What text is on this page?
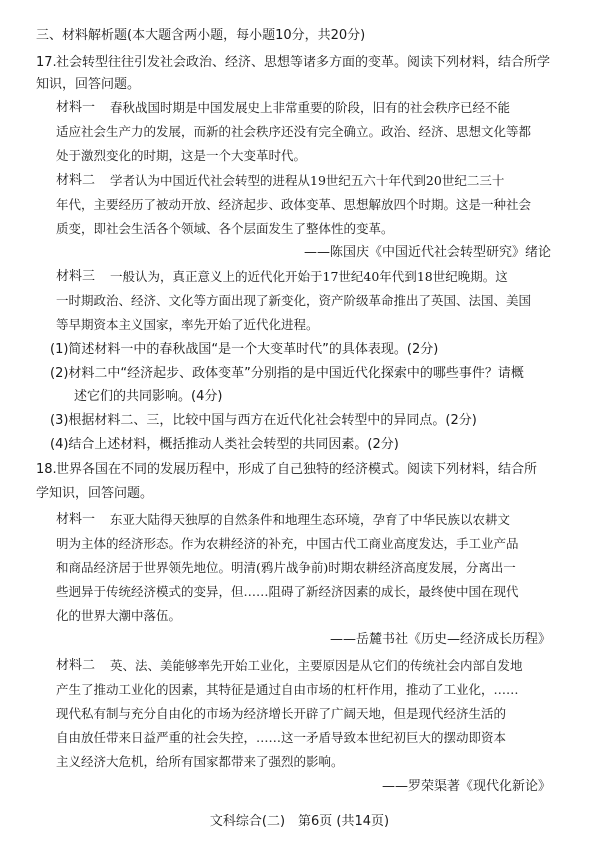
三、材料解析题(本大题含两小题，每小题10分，共20分)
17. 社会转型往往引发社会政治、经济、思想等诸多方面的变革。阅读下列材料，结合所学
知识，回答问题。
材料一 春秋战国时期是中国发展史上非常重要的阶段，旧有的社会秩序已经不能
适应社会生产力的发展，而新的社会秩序还没有完全确立。政治、经济、思想文化等都
处于激烈变化的时期，这是一个大变革时代。
材料二 学者认为中国近代社会转型的进程从19世纪五六十年代到20世纪二三十
年代，主要经历了被动开放、经济起步、政体变革、思想解放四个时期。这是一种社会
质变，即社会生活各个领域、各个层面发生了整体性的变革。
——陈国庆《中国近代社会转型研究》绪论
材料三 一般认为，真正意义上的近代化开始于17世纪40年代到18世纪晚期。这
一时期政治、经济、文化等方面出现了新变化，资产阶级革命推出了英国、法国、美国
等早期资本主义国家，率先开始了近代化进程。
(1)简述材料一中的春秋战国“是一个大变革时代”的具体表现。(2分)
(2)材料二中“经济起步、政体变革”分别指的是中国近代化探索中的哪些事件？请概
述它们的共同影响。(4分)
(3)根据材料二、三，比较中国与西方在近代化社会转型中的异同点。(2分)
(4)结合上述材料，概括推动人类社会转型的共同因素。(2分)
18. 世界各国在不同的发展历程中，形成了自己独特的经济模式。阅读下列材料，结合所
学知识，回答问题。
材料一 东亚大陆得天独厚的自然条件和地理生态环境，孕育了中华民族以农耕文
明为主体的经济形态。作为农耕经济的补充，中国古代工商业高度发达，手工业产品
和商品经济居于世界领先地位。明清(鸦片战争前)时期农耕经济高度发展，分离出一
些迥异于传统经济模式的变异，但……阻碍了新经济因素的成长，最终使中国在现代
化的世界大潮中落伍。
——岳麓书社《历史—经济成长历程》
材料二 英、法、美能够率先开始工业化，主要原因是从它们的传统社会内部自发地
产生了推动工业化的因素，其特征是通过自由市场的杠杆作用，推动了工业化，……
现代私有制与充分自由化的市场为经济增长开辟了广阔天地，但是现代经济生活的
自由放任带来日益严重的社会失控，……这一矛盾导致本世纪初巨大的摆动即资本
主义经济大危机，给所有国家都带来了强烈的影响。
——罗荣渠著《现代化新论》
文科综合(二)　第6页 (共14页)
